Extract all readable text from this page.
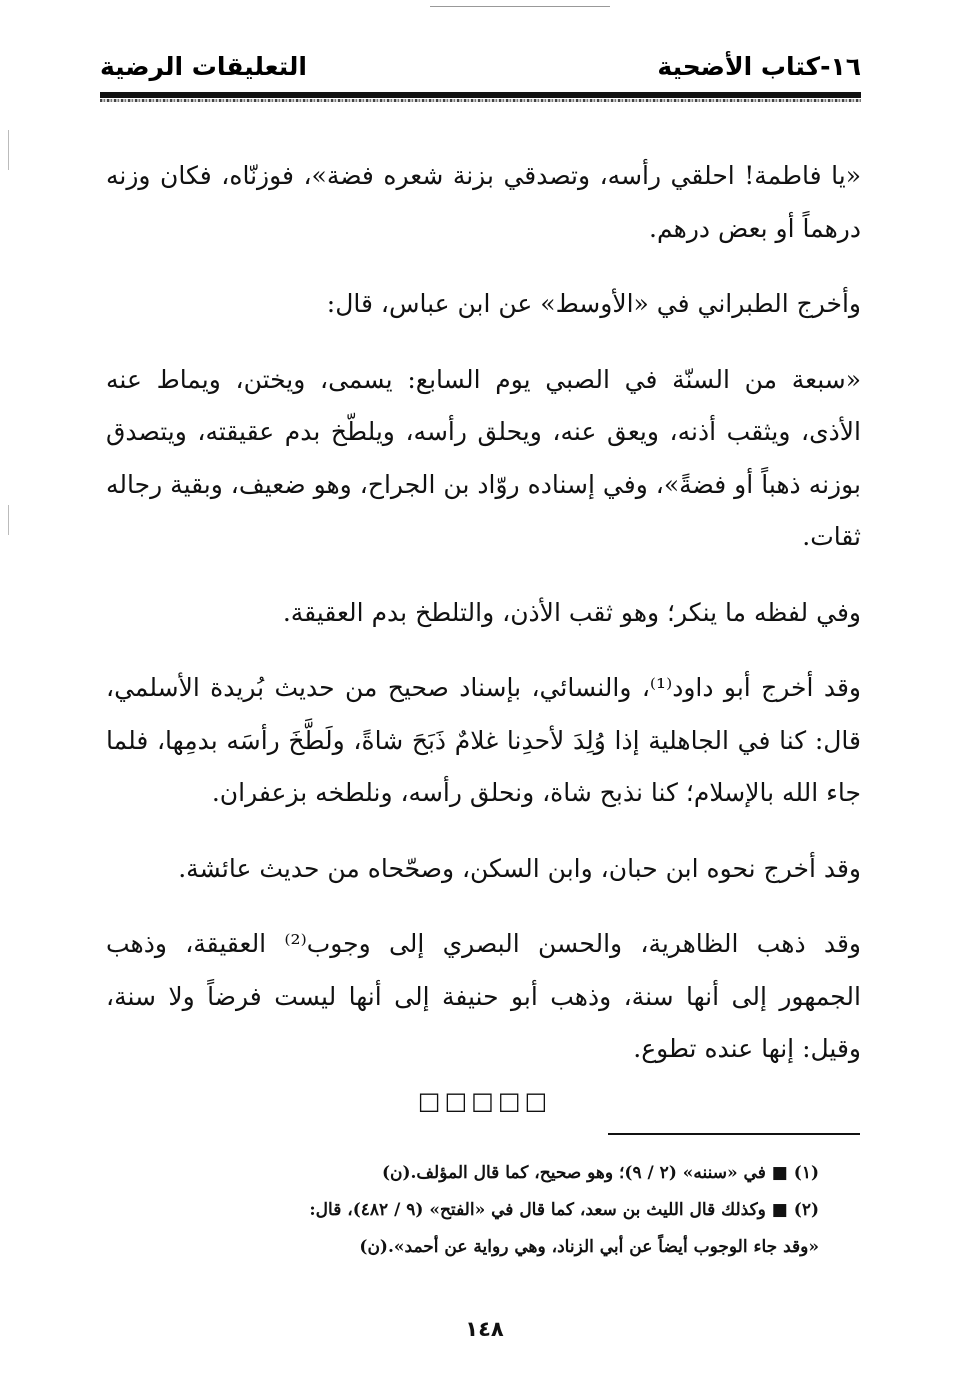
١٦-كتاب الأضحية
التعليقات الرضية

«يا فاطمة! احلقي رأسه، وتصدقي بزنة شعره فضة»، فوزنّاه، فكان وزنه درهماً أو بعض درهم.

وأخرج الطبراني في «الأوسط» عن ابن عباس، قال:

«سبعة من السنّة في الصبي يوم السابع: يسمى، ويختن، ويماط عنه الأذى، ويثقب أذنه، ويعق عنه، ويحلق رأسه، ويلطّخ بدم عقيقته، ويتصدق بوزنه ذهباً أو فضةً»، وفي إسناده روّاد بن الجراح، وهو ضعيف، وبقية رجاله ثقات.

وفي لفظه ما ينكر؛ وهو ثقب الأذن، والتلطخ بدم العقيقة.

وقد أخرج أبو داود⁽¹⁾، والنسائي، بإسناد صحيح من حديث بُريدة الأسلمي، قال: كنا في الجاهلية إذا وُلِدَ لأحدِنا غلامٌ ذَبَحَ شاةً، ولَطَّخَ رأسَه بدمِها، فلما جاء الله بالإسلام؛ كنا نذبح شاة، ونحلق رأسه، ونلطخه بزعفران.

وقد أخرج نحوه ابن حبان، وابن السكن، وصحّحاه من حديث عائشة.

وقد ذهب الظاهرية، والحسن البصري إلى وجوب⁽²⁾ العقيقة، وذهب الجمهور إلى أنها سنة، وذهب أبو حنيفة إلى أنها ليست فرضاً ولا سنة، وقيل: إنها عنده تطوع.

□□□□□
(١) ■ في «سننه» (٢ / ٩)؛ وهو صحيح، كما قال المؤلف.(ن)
(٢) ■ وكذلك قال الليث بن سعد، كما قال في «الفتح» (٩ / ٤٨٢)، قال:
«وقد جاء الوجوب أيضاً عن أبي الزناد، وهي رواية عن أحمد».(ن)
١٤٨
